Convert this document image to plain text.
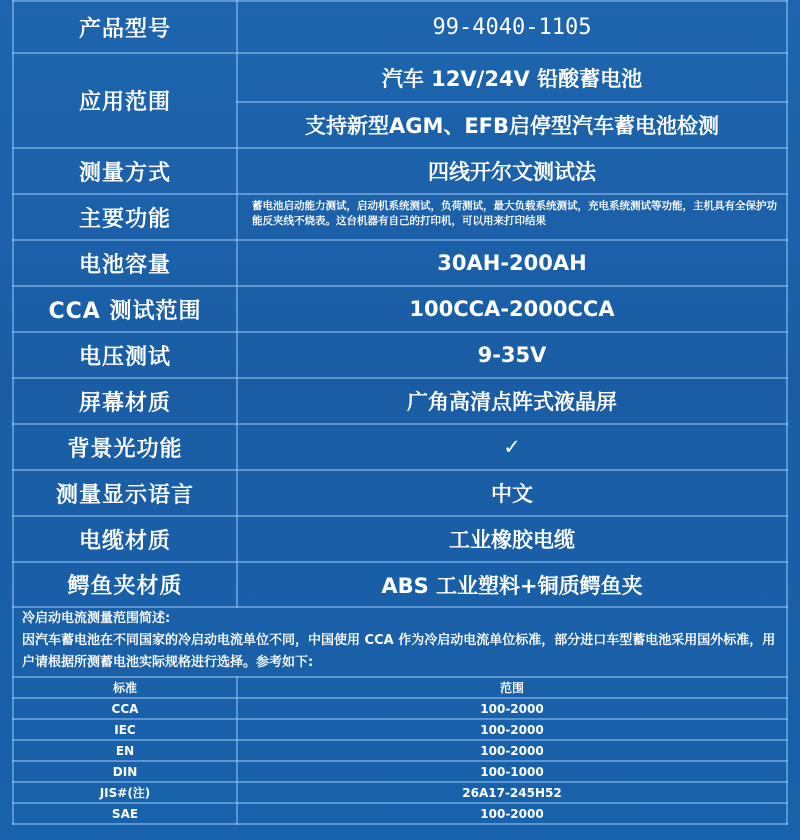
产品型号	99-4040-1105
应用范围	汽车 12V/24V 铅酸蓄电池
	支持新型AGM、EFB启停型汽车蓄电池检测
测量方式	四线开尔文测试法
主要功能	蓄电池启动能力测试，启动机系统测试，负荷测试，最大负载系统测试，充电系统测试等功能，主机具有全保护功能反夹线不烧表。这台机器有自己的打印机，可以用来打印结果
电池容量	30AH-200AH
CCA 测试范围	100CCA-2000CCA
电压测试	9-35V
屏幕材质	广角高清点阵式液晶屏
背景光功能	✓
测量显示语言	中文
电缆材质	工业橡胶电缆
鳄鱼夹材质	ABS 工业塑料+铜质鳄鱼夹
冷启动电流测量范围简述:
因汽车蓄电池在不同国家的冷启动电流单位不同，中国使用 CCA 作为冷启动电流单位标准，部分进口车型蓄电池采用国外标准，用户请根据所测蓄电池实际规格进行选择。参考如下:
标准	范围
CCA	100-2000
IEC	100-2000
EN	100-2000
DIN	100-1000
JIS#(注)	26A17-245H52
SAE	100-2000
